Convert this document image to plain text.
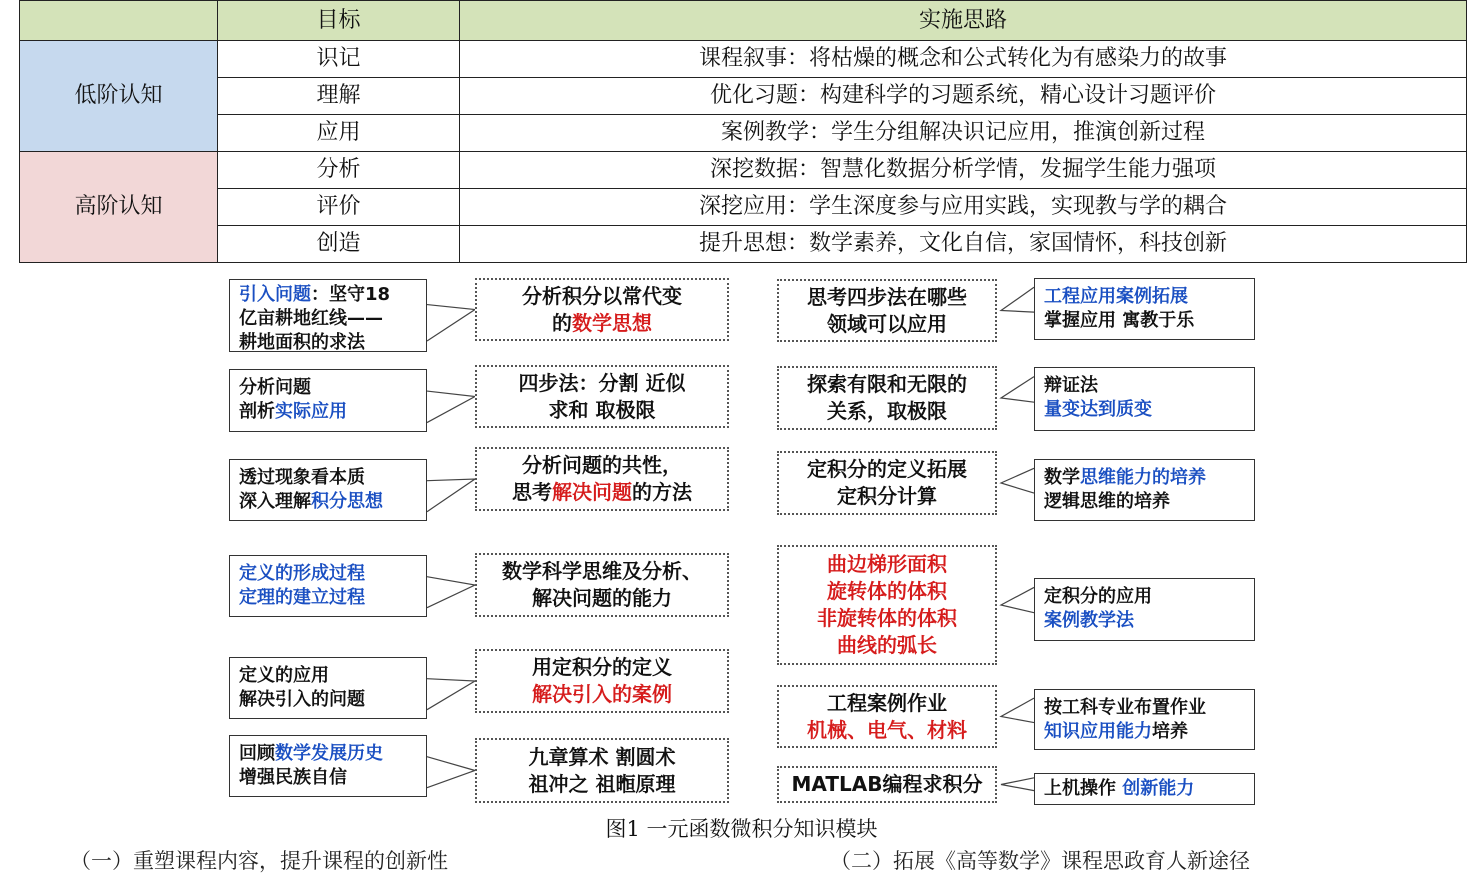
	目标	实施思路
低阶认知	识记	课程叙事：将枯燥的概念和公式转化为有感染力的故事
	理解	优化习题：构建科学的习题系统，精心设计习题评价
	应用	案例教学：学生分组解决识记应用，推演创新过程
高阶认知	分析	深挖数据：智慧化数据分析学情，发掘学生能力强项
	评价	深挖应用：学生深度参与应用实践，实现教与学的耦合
	创造	提升思想：数学素养，文化自信，家国情怀，科技创新
引入问题：坚守18
亿亩耕地红线——
耕地面积的求法
分析问题
剖析实际应用
透过现象看本质
深入理解积分思想
定义的形成过程
定理的建立过程
定义的应用
解决引入的问题
回顾数学发展历史
增强民族自信
分析积分以常代变
的数学思想
四步法：分割 近似
求和 取极限
分析问题的共性，
思考解决问题的方法
数学科学思维及分析、
解决问题的能力
用定积分的定义
解决引入的案例
九章算术 割圆术
祖冲之 祖暅原理
思考四步法在哪些
领域可以应用
探索有限和无限的
关系，取极限
定积分的定义拓展
定积分计算
曲边梯形面积
旋转体的体积
非旋转体的体积
曲线的弧长
工程案例作业
机械、电气、材料
MATLAB编程求积分
工程应用案例拓展
掌握应用 寓教于乐
辩证法
量变达到质变
数学思维能力的培养
逻辑思维的培养
定积分的应用
案例教学法
按工科专业布置作业
知识应用能力培养
上机操作 创新能力
图1 一元函数微积分知识模块
（一）重塑课程内容，提升课程的创新性	（二）拓展《高等数学》课程思政育人新途径
